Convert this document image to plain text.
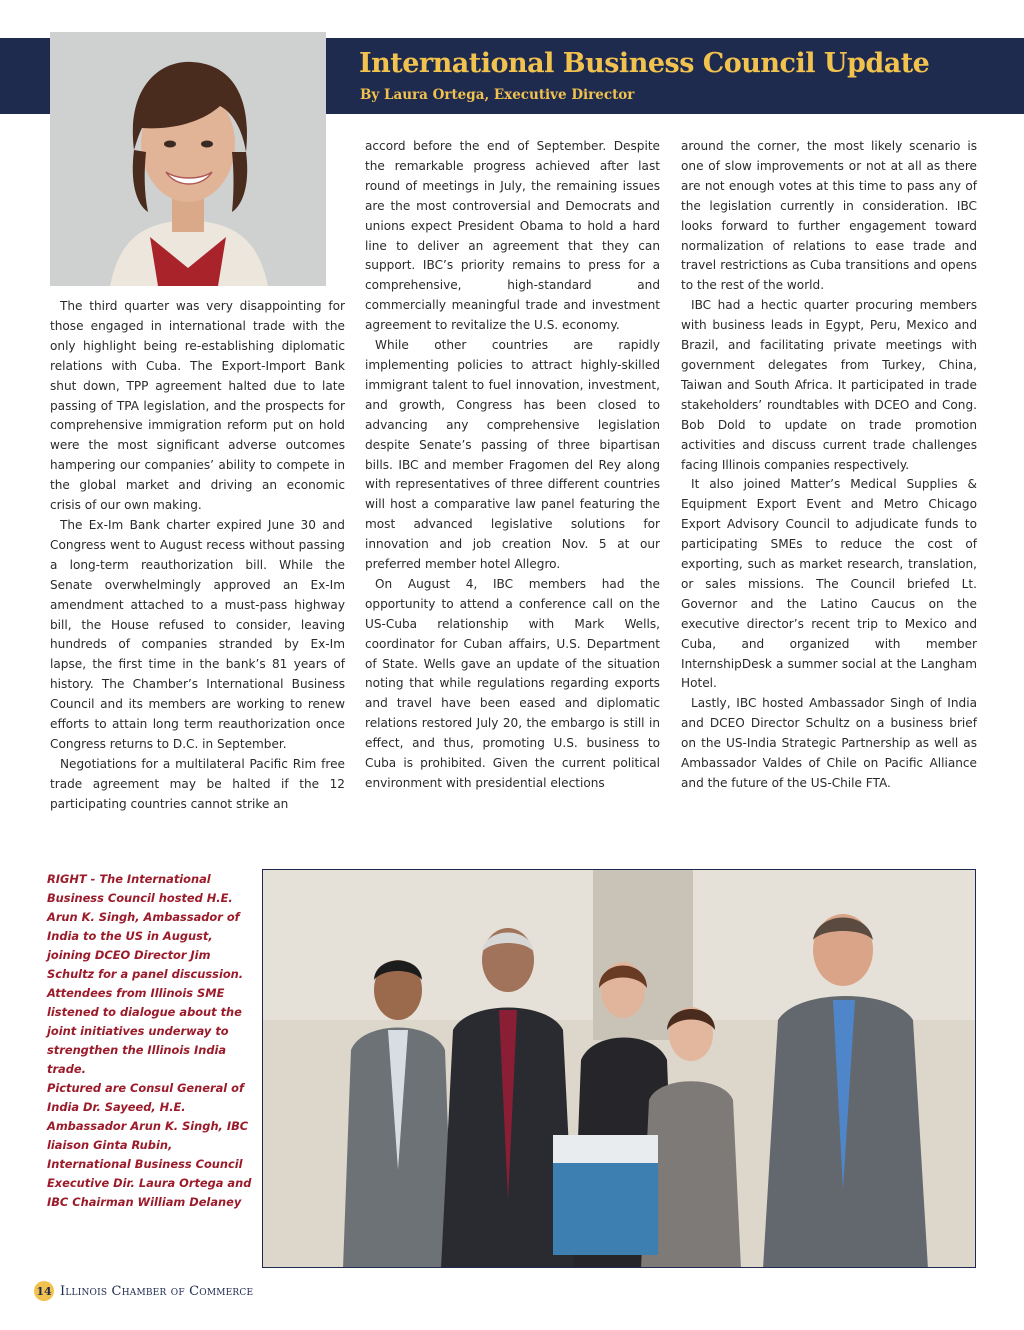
International Business Council Update
By Laura Ortega, Executive Director

The third quarter was very disappointing for those engaged in international trade with the only highlight being re-establishing diplomatic relations with Cuba. The Export-Import Bank shut down, TPP agreement halted due to late passing of TPA legislation, and the prospects for comprehensive immigration reform put on hold were the most significant adverse outcomes hampering our companies’ ability to compete in the global market and driving an economic crisis of our own making.

The Ex-Im Bank charter expired June 30 and Congress went to August recess without passing a long-term reauthorization bill. While the Senate overwhelmingly approved an Ex-Im amendment attached to a must-pass highway bill, the House refused to consider, leaving hundreds of companies stranded by Ex-Im lapse, the first time in the bank’s 81 years of history. The Chamber’s International Business Council and its members are working to renew efforts to attain long term reauthorization once Congress returns to D.C. in September.

Negotiations for a multilateral Pacific Rim free trade agreement may be halted if the 12 participating countries cannot strike an

accord before the end of September. Despite the remarkable progress achieved after last round of meetings in July, the remaining issues are the most controversial and Democrats and unions expect President Obama to hold a hard line to deliver an agreement that they can support. IBC’s priority remains to press for a comprehensive, high-standard and commercially meaningful trade and investment agreement to revitalize the U.S. economy.

While other countries are rapidly implementing policies to attract highly-skilled immigrant talent to fuel innovation, investment, and growth, Congress has been closed to advancing any comprehensive legislation despite Senate’s passing of three bipartisan bills. IBC and member Fragomen del Rey along with representatives of three different countries will host a comparative law panel featuring the most advanced legislative solutions for innovation and job creation Nov. 5 at our preferred member hotel Allegro.

On August 4, IBC members had the opportunity to attend a conference call on the US-Cuba relationship with Mark Wells, coordinator for Cuban affairs, U.S. Department of State. Wells gave an update of the situation noting that while regulations regarding exports and travel have been eased and diplomatic relations restored July 20, the embargo is still in effect, and thus, promoting U.S. business to Cuba is prohibited. Given the current political environment with presidential elections

around the corner, the most likely scenario is one of slow improvements or not at all as there are not enough votes at this time to pass any of the legislation currently in consideration. IBC looks forward to further engagement toward normalization of relations to ease trade and travel restrictions as Cuba transitions and opens to the rest of the world.

IBC had a hectic quarter procuring members with business leads in Egypt, Peru, Mexico and Brazil, and facilitating private meetings with government delegates from Turkey, China, Taiwan and South Africa. It participated in trade stakeholders’ roundtables with DCEO and Cong. Bob Dold to update on trade promotion activities and discuss current trade challenges facing Illinois companies respectively.

It also joined Matter’s Medical Supplies & Equipment Export Event and Metro Chicago Export Advisory Council to adjudicate funds to participating SMEs to reduce the cost of exporting, such as market research, translation, or sales missions. The Council briefed Lt. Governor and the Latino Caucus on the executive director’s recent trip to Mexico and Cuba, and organized with member InternshipDesk a summer social at the Langham Hotel.

Lastly, IBC hosted Ambassador Singh of India and DCEO Director Schultz on a business brief on the US-India Strategic Partnership as well as Ambassador Valdes of Chile on Pacific Alliance and the future of the US-Chile FTA.

RIGHT - The International Business Council hosted H.E. Arun K. Singh, Ambassador of India to the US in August, joining DCEO Director Jim Schultz for a panel discussion. Attendees from Illinois SME listened to dialogue about the joint initiatives underway to strengthen the Illinois India trade.
Pictured are Consul General of India Dr. Sayeed, H.E. Ambassador Arun K. Singh, IBC liaison Ginta Rubin, International Business Council Executive Dir. Laura Ortega and IBC Chairman William Delaney
14 Illinois Chamber of Commerce
